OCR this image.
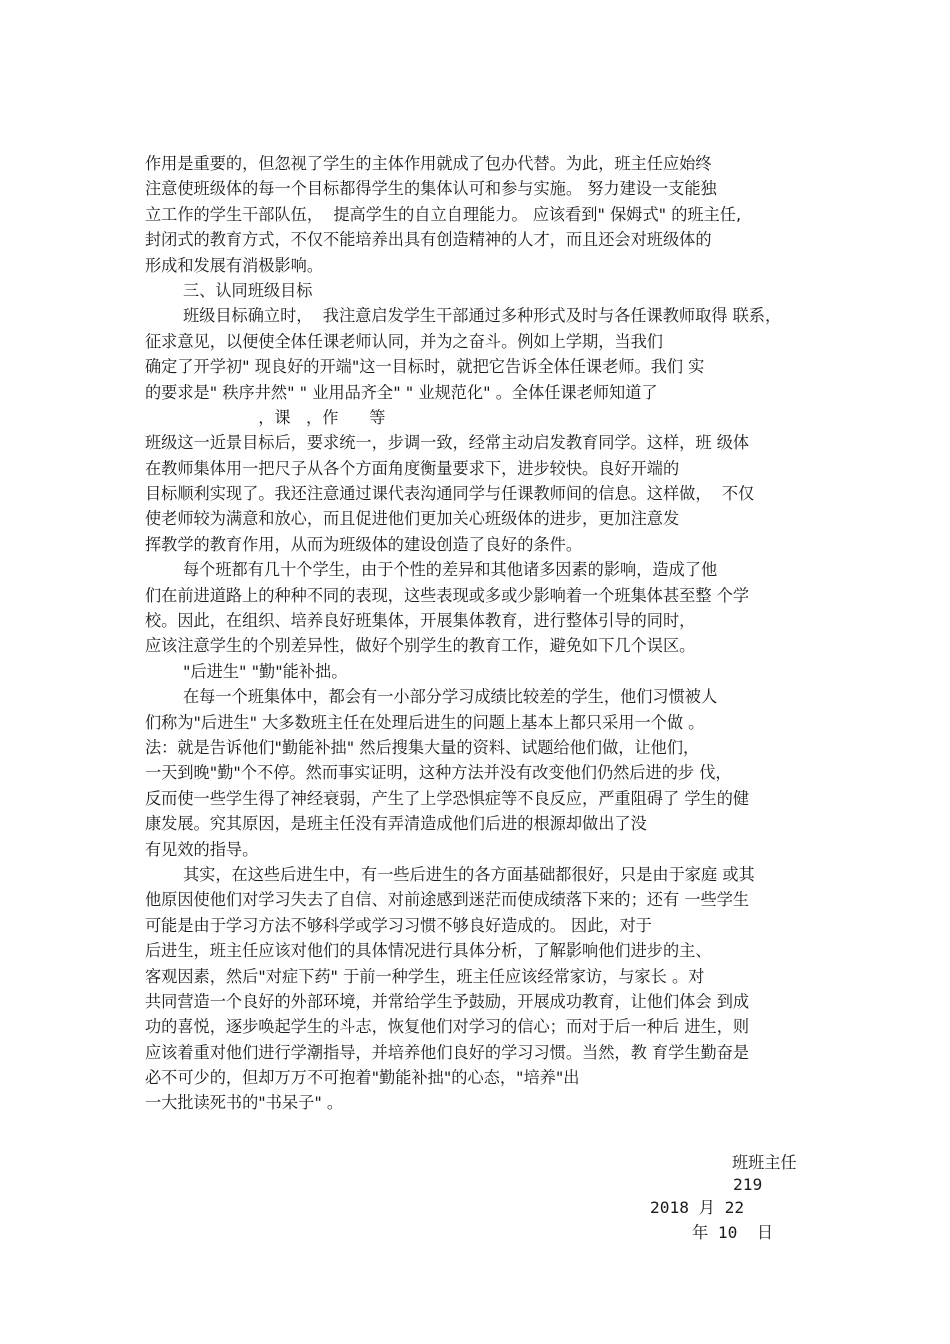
作用是重要的，但忽视了学生的主体作用就成了包办代替。为此，班主任应始终
注意使班级体的每一个目标都得学生的集体认可和参与实施。 努力建设一支能独
立工作的学生干部队伍，  提高学生的自立自理能力。 应该看到" 保姆式" 的班主任,
封闭式的教育方式，不仅不能培养出具有创造精神的人才，而且还会对班级体的
形成和发展有消极影响。
三、认同班级目标
班级目标确立时，  我注意启发学生干部通过多种形式及时与各任课教师取得 联系，
征求意见，以便使全体任课老师认同，并为之奋斗。例如上学期，当我们
确定了开学初" 现良好的开端"这一目标时，就把它告诉全体任课老师。我们 实
的要求是" 秩序井然" " 业用品齐全" " 业规范化" 。全体任课老师知道了
，课   ，作      等
班级这一近景目标后，要求统一，步调一致，经常主动启发教育同学。这样，班 级体
在教师集体用一把尺子从各个方面角度衡量要求下，进步较快。良好开端的
目标顺利实现了。我还注意通过课代表沟通同学与任课教师间的信息。这样做，  不仅
使老师较为满意和放心，而且促进他们更加关心班级体的进步，更加注意发
挥教学的教育作用，从而为班级体的建设创造了良好的条件。
每个班都有几十个学生，由于个性的差异和其他诸多因素的影响，造成了他
们在前进道路上的种种不同的表现，这些表现或多或少影响着一个班集体甚至整 个学
校。因此，在组织、培养良好班集体，开展集体教育，进行整体引导的同时，
应该注意学生的个别差异性，做好个别学生的教育工作，避免如下几个误区。
"后进生" "勤"能补拙。
在每一个班集体中，都会有一小部分学习成绩比较差的学生，他们习惯被人
们称为"后进生" 大多数班主任在处理后进生的问题上基本上都只采用一个做 。
法：就是告诉他们"勤能补拙" 然后搜集大量的资料、试题给他们做，让他们，
一天到晚"勤"个不停。然而事实证明，这种方法并没有改变他们仍然后进的步 伐，
反而使一些学生得了神经衰弱，产生了上学恐惧症等不良反应，严重阻碍了 学生的健
康发展。究其原因，是班主任没有弄清造成他们后进的根源却做出了没
有见效的指导。
其实，在这些后进生中，有一些后进生的各方面基础都很好，只是由于家庭 或其
他原因使他们对学习失去了自信、对前途感到迷茫而使成绩落下来的；还有 一些学生
可能是由于学习方法不够科学或学习习惯不够良好造成的。 因此，对于
后进生，班主任应该对他们的具体情况进行具体分析，了解影响他们进步的主、
客观因素，然后"对症下药" 于前一种学生，班主任应该经常家访，与家长 。对
共同营造一个良好的外部环境，并常给学生予鼓励，开展成功教育，让他们体会 到成
功的喜悦，逐步唤起学生的斗志，恢复他们对学习的信心；而对于后一种后 进生，则
应该着重对他们进行学潮指导，并培养他们良好的学习习惯。当然，教 育学生勤奋是
必不可少的，但却万万不可抱着"勤能补拙"的心态，"培养"出
一大批读死书的"书呆子" 。
班班主任
219
2018 月 22
年 10  日
